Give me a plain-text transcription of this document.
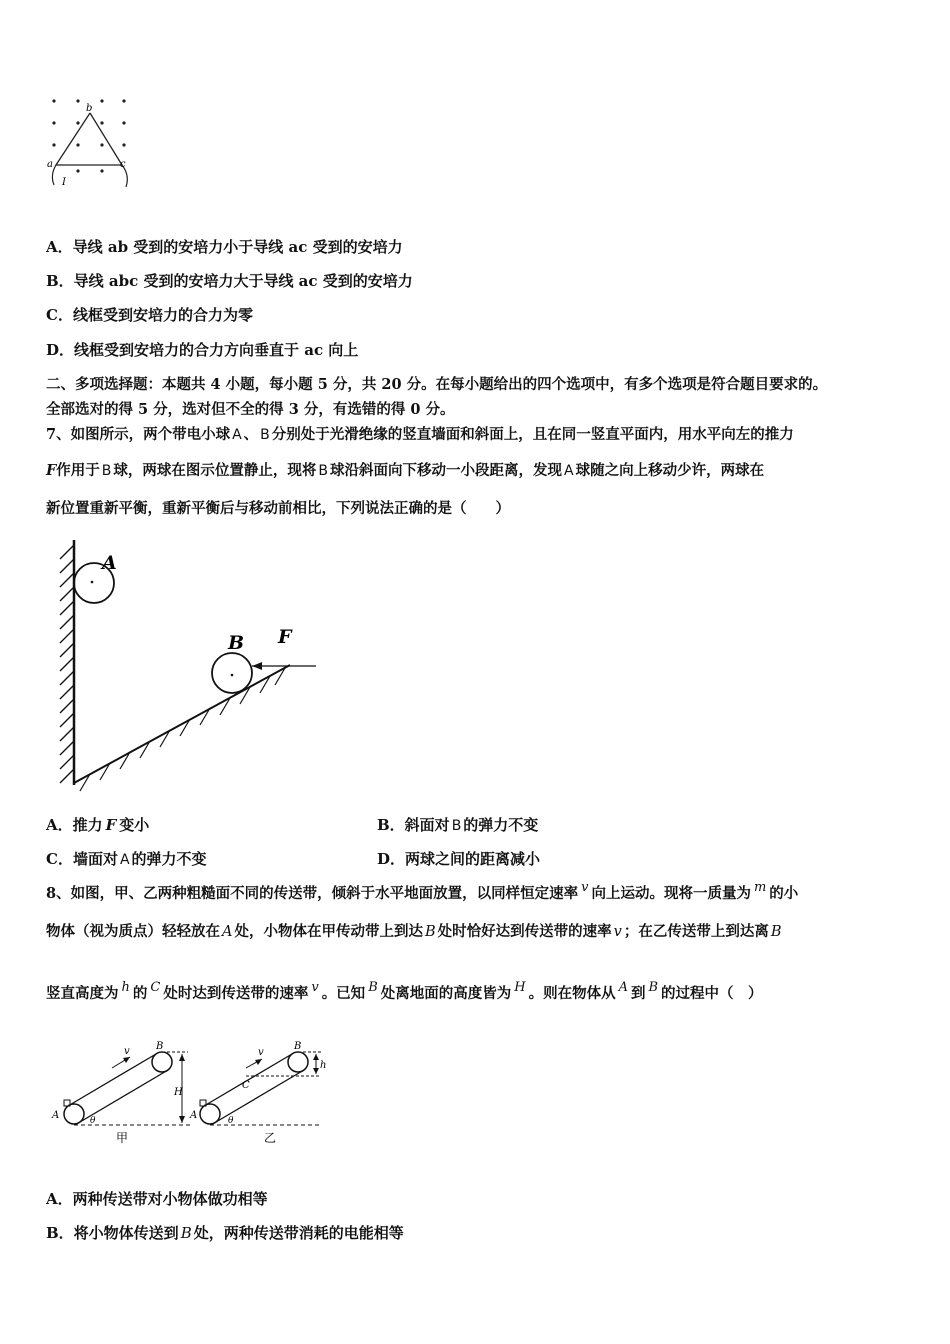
b
a	c
I
A．导线 ab 受到的安培力小于导线 ac 受到的安培力
B．导线 abc 受到的安培力大于导线 ac 受到的安培力
C．线框受到安培力的合力为零
D．线框受到安培力的合力方向垂直于 ac 向上
二、多项选择题：本题共 4 小题，每小题 5 分，共 20 分。在每小题给出的四个选项中，有多个选项是符合题目要求的。
全部选对的得 5 分，选对但不全的得 3 分，有选错的得 0 分。
7、如图所示，两个带电小球 A 、 B 分别处于光滑绝缘的竖直墙面和斜面上，且在同一竖直平面内，用水平向左的推力
F作用于 B 球，两球在图示位置静止，现将 B 球沿斜面向下移动一小段距离，发现 A 球随之向上移动少许，两球在
新位置重新平衡，重新平衡后与移动前相比，下列说法正确的是（　　）
A
B F
A．推力 F 变小	B．斜面对 B 的弹力不变
C．墙面对 A 的弹力不变	D．两球之间的距离减小
8、如图，甲、乙两种粗糙面不同的传送带，倾斜于水平地面放置，以同样恒定速率 v 向上运动。现将一质量为 m 的小
物体（视为质点）轻轻放在 A 处，小物体在甲传动带上到达 B 处时恰好达到传送带的速率 v ；在乙传送带上到达离 B
竖直高度为 h 的 C 处时达到传送带的速率 v 。已知 B 处离地面的高度皆为 H 。则在物体从 A 到 B 的过程中（　）
A
B
v
H
θ
甲
A
B
C
v
h
θ
乙
A．两种传送带对小物体做功相等
B．将小物体传送到 B 处，两种传送带消耗的电能相等
